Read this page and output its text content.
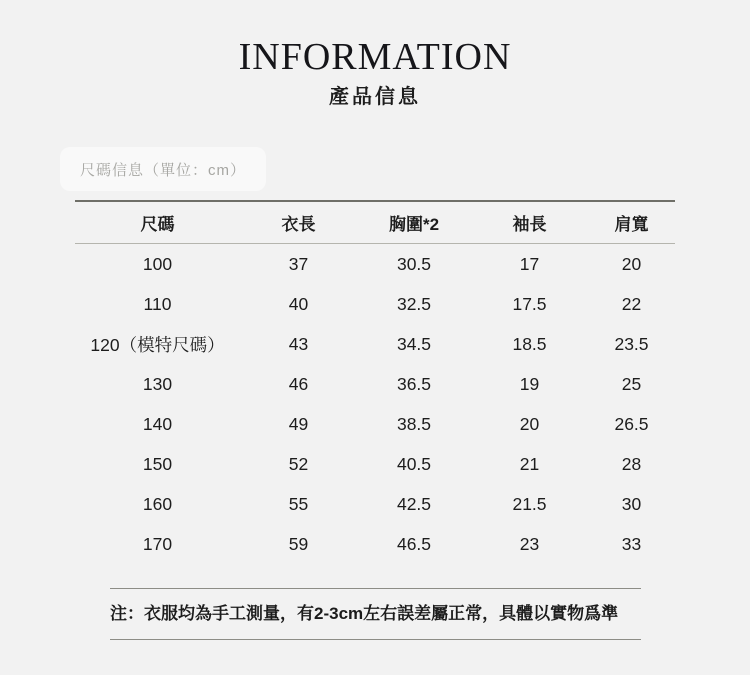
INFORMATION
產品信息
尺碼信息（單位：cm）
尺碼	衣長	胸圍*2	袖長	肩寬
100	37	30.5	17	20
110	40	32.5	17.5	22
120（模特尺碼）	43	34.5	18.5	23.5
130	46	36.5	19	25
140	49	38.5	20	26.5
150	52	40.5	21	28
160	55	42.5	21.5	30
170	59	46.5	23	33
注：衣服均為手工測量，有2-3cm左右誤差屬正常，具體以實物爲準
